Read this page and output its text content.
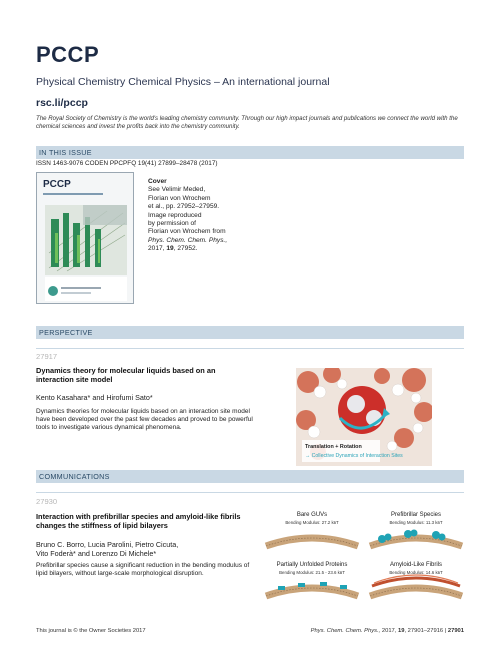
PCCP
Physical Chemistry Chemical Physics – An international journal
rsc.li/pccp
The Royal Society of Chemistry is the world's leading chemistry community. Through our high impact journals and publications we connect the world with the chemical sciences and invest the profits back into the chemistry community.
IN THIS ISSUE
ISSN 1463-9076 CODEN PPCPFQ 19(41) 27899–28478 (2017)
PCCP	Cover
See Velimir Meded,
Florian von Wrochem
et al., pp. 27952–27959.
Image reproduced
by permission of
Florian von Wrochem from
Phys. Chem. Chem. Phys.,
2017, 19, 27952.
PERSPECTIVE
27917
Dynamics theory for molecular liquids based on an interaction site model
Kento Kasahara* and Hirofumi Sato*
Dynamics theories for molecular liquids based on an interaction site model have been developed over the past few decades and proved to be powerful tools to investigate various dynamical phenomena.
Translation + Rotation
→ Collective Dynamics of Interaction Sites
COMMUNICATIONS
27930
Interaction with prefibrillar species and amyloid-like fibrils changes the stiffness of lipid bilayers
Bruno C. Borro, Lucia Parolini, Pietro Cicuta,
Vito Foderà* and Lorenzo Di Michele*
Prefibrillar species cause a significant reduction in the bending modulus of lipid bilayers, without large-scale morphological disruption.
Bare GUVs
Bending Modulus: 27.2 kʙT
Prefibrillar Species
Bending Modulus: 11.3 kʙT
Partially Unfolded Proteins
Bending Modulus: 21.5 - 23.6 kʙT
Amyloid-Like Fibrils
Bending Modulus: 14.6 kʙT
This journal is © the Owner Societies 2017	Phys. Chem. Chem. Phys., 2017, 19, 27901–27916 | 27901
